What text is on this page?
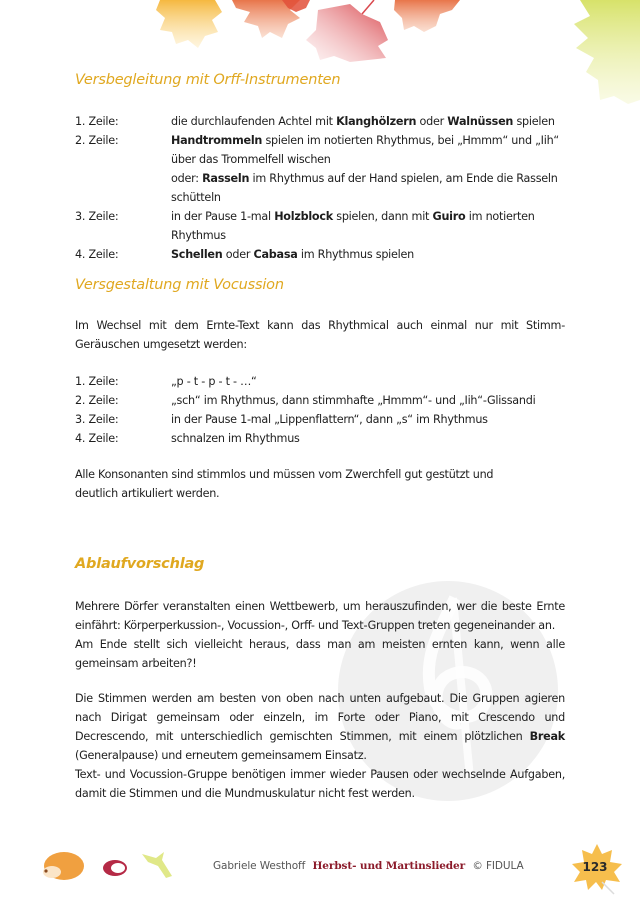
Versbegleitung mit Orff-Instrumenten
1. Zeile:	die durchlaufenden Achtel mit Klanghölzern oder Walnüssen spielen
2. Zeile:	Handtrommeln spielen im notierten Rhythmus, bei „Hmmm“ und „Iih“ über das Trommelfell wischen
oder: Rasseln im Rhythmus auf der Hand spielen, am Ende die Rasseln schütteln
3. Zeile:	in der Pause 1-mal Holzblock spielen, dann mit Guiro im notierten Rhythmus
4. Zeile:	Schellen oder Cabasa im Rhythmus spielen
Versgestaltung mit Vocussion

Im Wechsel mit dem Ernte-Text kann das Rhythmical auch einmal nur mit Stimm-Geräuschen umgesetzt werden:

1. Zeile:	„p - t - p - t - …“
2. Zeile:	„sch“ im Rhythmus, dann stimmhafte „Hmmm“- und „Iih“-Glissandi
3. Zeile:	in der Pause 1-mal „Lippenflattern“, dann „s“ im Rhythmus
4. Zeile:	schnalzen im Rhythmus

Alle Konsonanten sind stimmlos und müssen vom Zwerchfell gut gestützt und deutlich artikuliert werden.

Ablaufvorschlag

Mehrere Dörfer veranstalten einen Wettbewerb, um herauszufinden, wer die beste Ernte einfährt: Körperperkussion-, Vocussion-, Orff- und Text-Gruppen treten gegeneinander an.

Am Ende stellt sich vielleicht heraus, dass man am meisten ernten kann, wenn alle gemeinsam arbeiten?!

Die Stimmen werden am besten von oben nach unten aufgebaut. Die Gruppen agieren nach Dirigat gemeinsam oder einzeln, im Forte oder Piano, mit Crescendo und Decrescendo, mit unterschiedlich gemischten Stimmen, mit einem plötzlichen Break (Generalpause) und erneutem gemeinsamem Einsatz.

Text- und Vocussion-Gruppe benötigen immer wieder Pausen oder wechselnde Aufgaben, damit die Stimmen und die Mundmuskulatur nicht fest werden.

Gabriele Westhoff Herbst- und Martinslieder © FIDULA	123
